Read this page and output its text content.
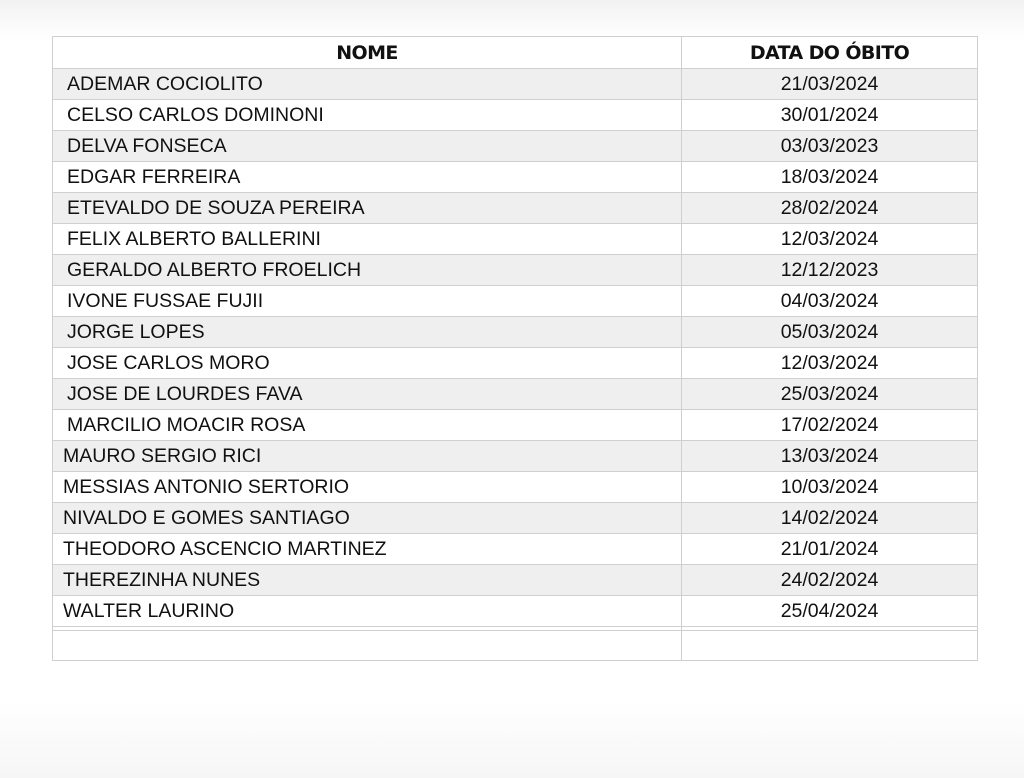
NOME	DATA DO ÓBITO
ADEMAR COCIOLITO	21/03/2024
CELSO CARLOS DOMINONI	30/01/2024
DELVA FONSECA	03/03/2023
EDGAR FERREIRA	18/03/2024
ETEVALDO DE SOUZA PEREIRA	28/02/2024
FELIX ALBERTO BALLERINI	12/03/2024
GERALDO ALBERTO FROELICH	12/12/2023
IVONE FUSSAE FUJII	04/03/2024
JORGE LOPES	05/03/2024
JOSE CARLOS MORO	12/03/2024
JOSE DE LOURDES FAVA	25/03/2024
MARCILIO MOACIR ROSA	17/02/2024
MAURO SERGIO RICI	13/03/2024
MESSIAS ANTONIO SERTORIO	10/03/2024
NIVALDO E GOMES SANTIAGO	14/02/2024
THEODORO ASCENCIO MARTINEZ	21/01/2024
THEREZINHA NUNES	24/02/2024
WALTER LAURINO	25/04/2024
